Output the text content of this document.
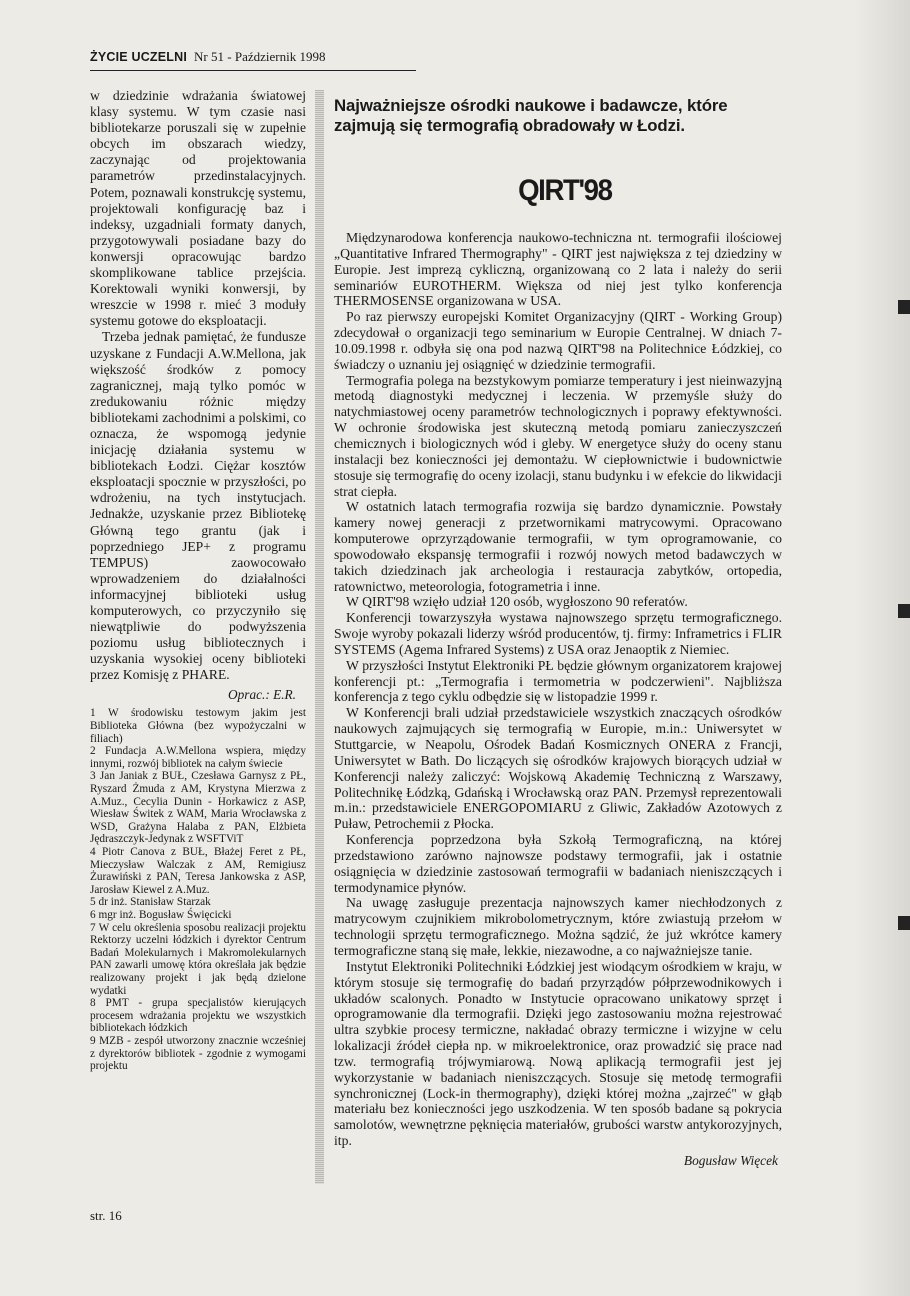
ŻYCIE UCZELNI Nr 51 - Październik 1998

w dziedzinie wdrażania światowej klasy systemu. W tym czasie nasi bibliotekarze poruszali się w zupełnie obcych im obszarach wiedzy, zaczynając od projektowania parametrów przedinstalacyjnych. Potem, poznawali konstrukcję systemu, projektowali konfigurację baz i indeksy, uzgadniali formaty danych, przygotowywali posiadane bazy do konwersji opracowując bardzo skomplikowane tablice przejścia. Korektowali wyniki konwersji, by wreszcie w 1998 r. mieć 3 moduły systemu gotowe do eksploatacji.

Trzeba jednak pamiętać, że fundusze uzyskane z Fundacji A.W.Mellona, jak większość środków z pomocy zagranicznej, mają tylko pomóc w zredukowaniu różnic między bibliotekami zachodnimi a polskimi, co oznacza, że wspomogą jedynie inicjację działania systemu w bibliotekach Łodzi. Ciężar kosztów eksploatacji spocznie w przyszłości, po wdrożeniu, na tych instytucjach. Jednakże, uzyskanie przez Bibliotekę Główną tego grantu (jak i poprzedniego JEP+ z programu TEMPUS) zaowocowało wprowadzeniem do działalności informacyjnej biblioteki usług komputerowych, co przyczyniło się niewątpliwie do podwyższenia poziomu usług bibliotecznych i uzyskania wysokiej oceny biblioteki przez Komisję z PHARE.

Oprac.: E.R.

1 W środowisku testowym jakim jest Biblioteka Główna (bez wypożyczalni w filiach)

2 Fundacja A.W.Mellona wspiera, między innymi, rozwój bibliotek na całym świecie

3 Jan Janiak z BUŁ, Czesława Garnysz z PŁ, Ryszard Żmuda z AM, Krystyna Mierzwa z A.Muz., Cecylia Dunin - Horkawicz z ASP, Wiesław Świtek z WAM, Maria Wrocławska z WSD, Grażyna Halaba z PAN, Elżbieta Jędraszczyk-Jedynak z WSFTViT

4 Piotr Canova z BUŁ, Błażej Feret z PŁ, Mieczysław Walczak z AM, Remigiusz Żurawiński z PAN, Teresa Jankowska z ASP, Jarosław Kiewel z A.Muz.

5 dr inż. Stanisław Starzak

6 mgr inż. Bogusław Święcicki

7 W celu określenia sposobu realizacji projektu Rektorzy uczelni łódzkich i dyrektor Centrum Badań Molekularnych i Makromolekularnych PAN zawarli umowę która określała jak będzie realizowany projekt i jak będą dzielone wydatki

8 PMT - grupa specjalistów kierujących procesem wdrażania projektu we wszystkich bibliotekach łódzkich

9 MZB - zespół utworzony znacznie wcześniej z dyrektorów bibliotek - zgodnie z wymogami projektu

Najważniejsze ośrodki naukowe i badawcze, które zajmują się termografią obradowały w Łodzi.
QIRT'98

Międzynarodowa konferencja naukowo-techniczna nt. termografii ilościowej „Quantitative Infrared Thermography" - QIRT jest największa z tej dziedziny w Europie. Jest imprezą cykliczną, organizowaną co 2 lata i należy do serii seminariów EUROTHERM. Większa od niej jest tylko konferencja THERMOSENSE organizowana w USA.

Po raz pierwszy europejski Komitet Organizacyjny (QIRT - Working Group) zdecydował o organizacji tego seminarium w Europie Centralnej. W dniach 7-10.09.1998 r. odbyła się ona pod nazwą QIRT'98 na Politechnice Łódzkiej, co świadczy o uznaniu jej osiągnięć w dziedzinie termografii.

Termografia polega na bezstykowym pomiarze temperatury i jest nieinwazyjną metodą diagnostyki medycznej i leczenia. W przemyśle służy do natychmiastowej oceny parametrów technologicznych i poprawy efektywności. W ochronie środowiska jest skuteczną metodą pomiaru zanieczyszczeń chemicznych i biologicznych wód i gleby. W energetyce służy do oceny stanu instalacji bez konieczności jej demontażu. W ciepłownictwie i budownictwie stosuje się termografię do oceny izolacji, stanu budynku i w efekcie do likwidacji strat ciepła.

W ostatnich latach termografia rozwija się bardzo dynamicznie. Powstały kamery nowej generacji z przetwornikami matrycowymi. Opracowano komputerowe oprzyrządowanie termografii, w tym oprogramowanie, co spowodowało ekspansję termografii i rozwój nowych metod badawczych w takich dziedzinach jak archeologia i restauracja zabytków, ortopedia, ratownictwo, meteorologia, fotogrametria i inne.

W QIRT'98 wzięło udział 120 osób, wygłoszono 90 referatów.

Konferencji towarzyszyła wystawa najnowszego sprzętu termograficznego. Swoje wyroby pokazali liderzy wśród producentów, tj. firmy: Inframetrics i FLIR SYSTEMS (Agema Infrared Systems) z USA oraz Jenaoptik z Niemiec.

W przyszłości Instytut Elektroniki PŁ będzie głównym organizatorem krajowej konferencji pt.: „Termografia i termometria w podczerwieni". Najbliższa konferencja z tego cyklu odbędzie się w listopadzie 1999 r.

W Konferencji brali udział przedstawiciele wszystkich znaczących ośrodków naukowych zajmujących się termografią w Europie, m.in.: Uniwersytet w Stuttgarcie, w Neapolu, Ośrodek Badań Kosmicznych ONERA z Francji, Uniwersytet w Bath. Do liczących się ośrodków krajowych biorących udział w Konferencji należy zaliczyć: Wojskową Akademię Techniczną z Warszawy, Politechnikę Łódzką, Gdańską i Wrocławską oraz PAN. Przemysł reprezentowali m.in.: przedstawiciele ENERGOPOMIARU z Gliwic, Zakładów Azotowych z Puław, Petrochemii z Płocka.

Konferencja poprzedzona była Szkołą Termograficzną, na której przedstawiono zarówno najnowsze podstawy termografii, jak i ostatnie osiągnięcia w dziedzinie zastosowań termografii w badaniach nieniszczących i termodynamice płynów.

Na uwagę zasługuje prezentacja najnowszych kamer niechłodzonych z matrycowym czujnikiem mikrobolometrycznym, które zwiastują przełom w technologii sprzętu termograficznego. Można sądzić, że już wkrótce kamery termograficzne staną się małe, lekkie, niezawodne, a co najważniejsze tanie.

Instytut Elektroniki Politechniki Łódzkiej jest wiodącym ośrodkiem w kraju, w którym stosuje się termografię do badań przyrządów półprzewodnikowych i układów scalonych. Ponadto w Instytucie opracowano unikatowy sprzęt i oprogramowanie dla termografii. Dzięki jego zastosowaniu można rejestrować ultra szybkie procesy termiczne, nakładać obrazy termiczne i wizyjne w celu lokalizacji źródeł ciepła np. w mikroelektronice, oraz prowadzić się prace nad tzw. termografią trójwymiarową. Nową aplikacją termografii jest jej wykorzystanie w badaniach nieniszczących. Stosuje się metodę termografii synchronicznej (Lock-in thermography), dzięki której można „zajrzeć" w głąb materiału bez konieczności jego uszkodzenia. W ten sposób badane są pokrycia samolotów, wewnętrzne pęknięcia materiałów, grubości warstw antykorozyjnych, itp.

Bogusław Więcek

str. 16
